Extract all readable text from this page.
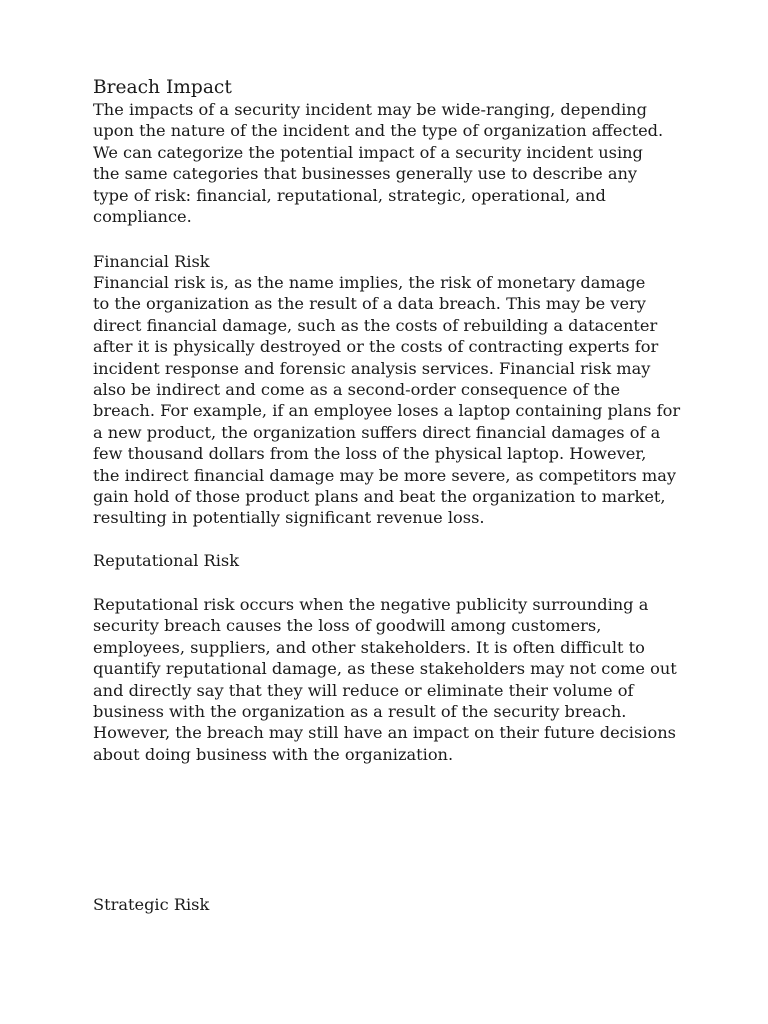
Breach Impact
The impacts of a security incident may be wide-ranging, depending
upon the nature of the incident and the type of organization affected.
We can categorize the potential impact of a security incident using
the same categories that businesses generally use to describe any
type of risk: financial, reputational, strategic, operational, and
compliance.
Financial Risk
Financial risk is, as the name implies, the risk of monetary damage
to the organization as the result of a data breach. This may be very
direct financial damage, such as the costs of rebuilding a datacenter
after it is physically destroyed or the costs of contracting experts for
incident response and forensic analysis services. Financial risk may
also be indirect and come as a second-order consequence of the
breach. For example, if an employee loses a laptop containing plans for
a new product, the organization suffers direct financial damages of a
few thousand dollars from the loss of the physical laptop. However,
the indirect financial damage may be more severe, as competitors may
gain hold of those product plans and beat the organization to market,
resulting in potentially significant revenue loss.
Reputational Risk
Reputational risk occurs when the negative publicity surrounding a
security breach causes the loss of goodwill among customers,
employees, suppliers, and other stakeholders. It is often difficult to
quantify reputational damage, as these stakeholders may not come out
and directly say that they will reduce or eliminate their volume of
business with the organization as a result of the security breach.
However, the breach may still have an impact on their future decisions
about doing business with the organization.
Strategic Risk
